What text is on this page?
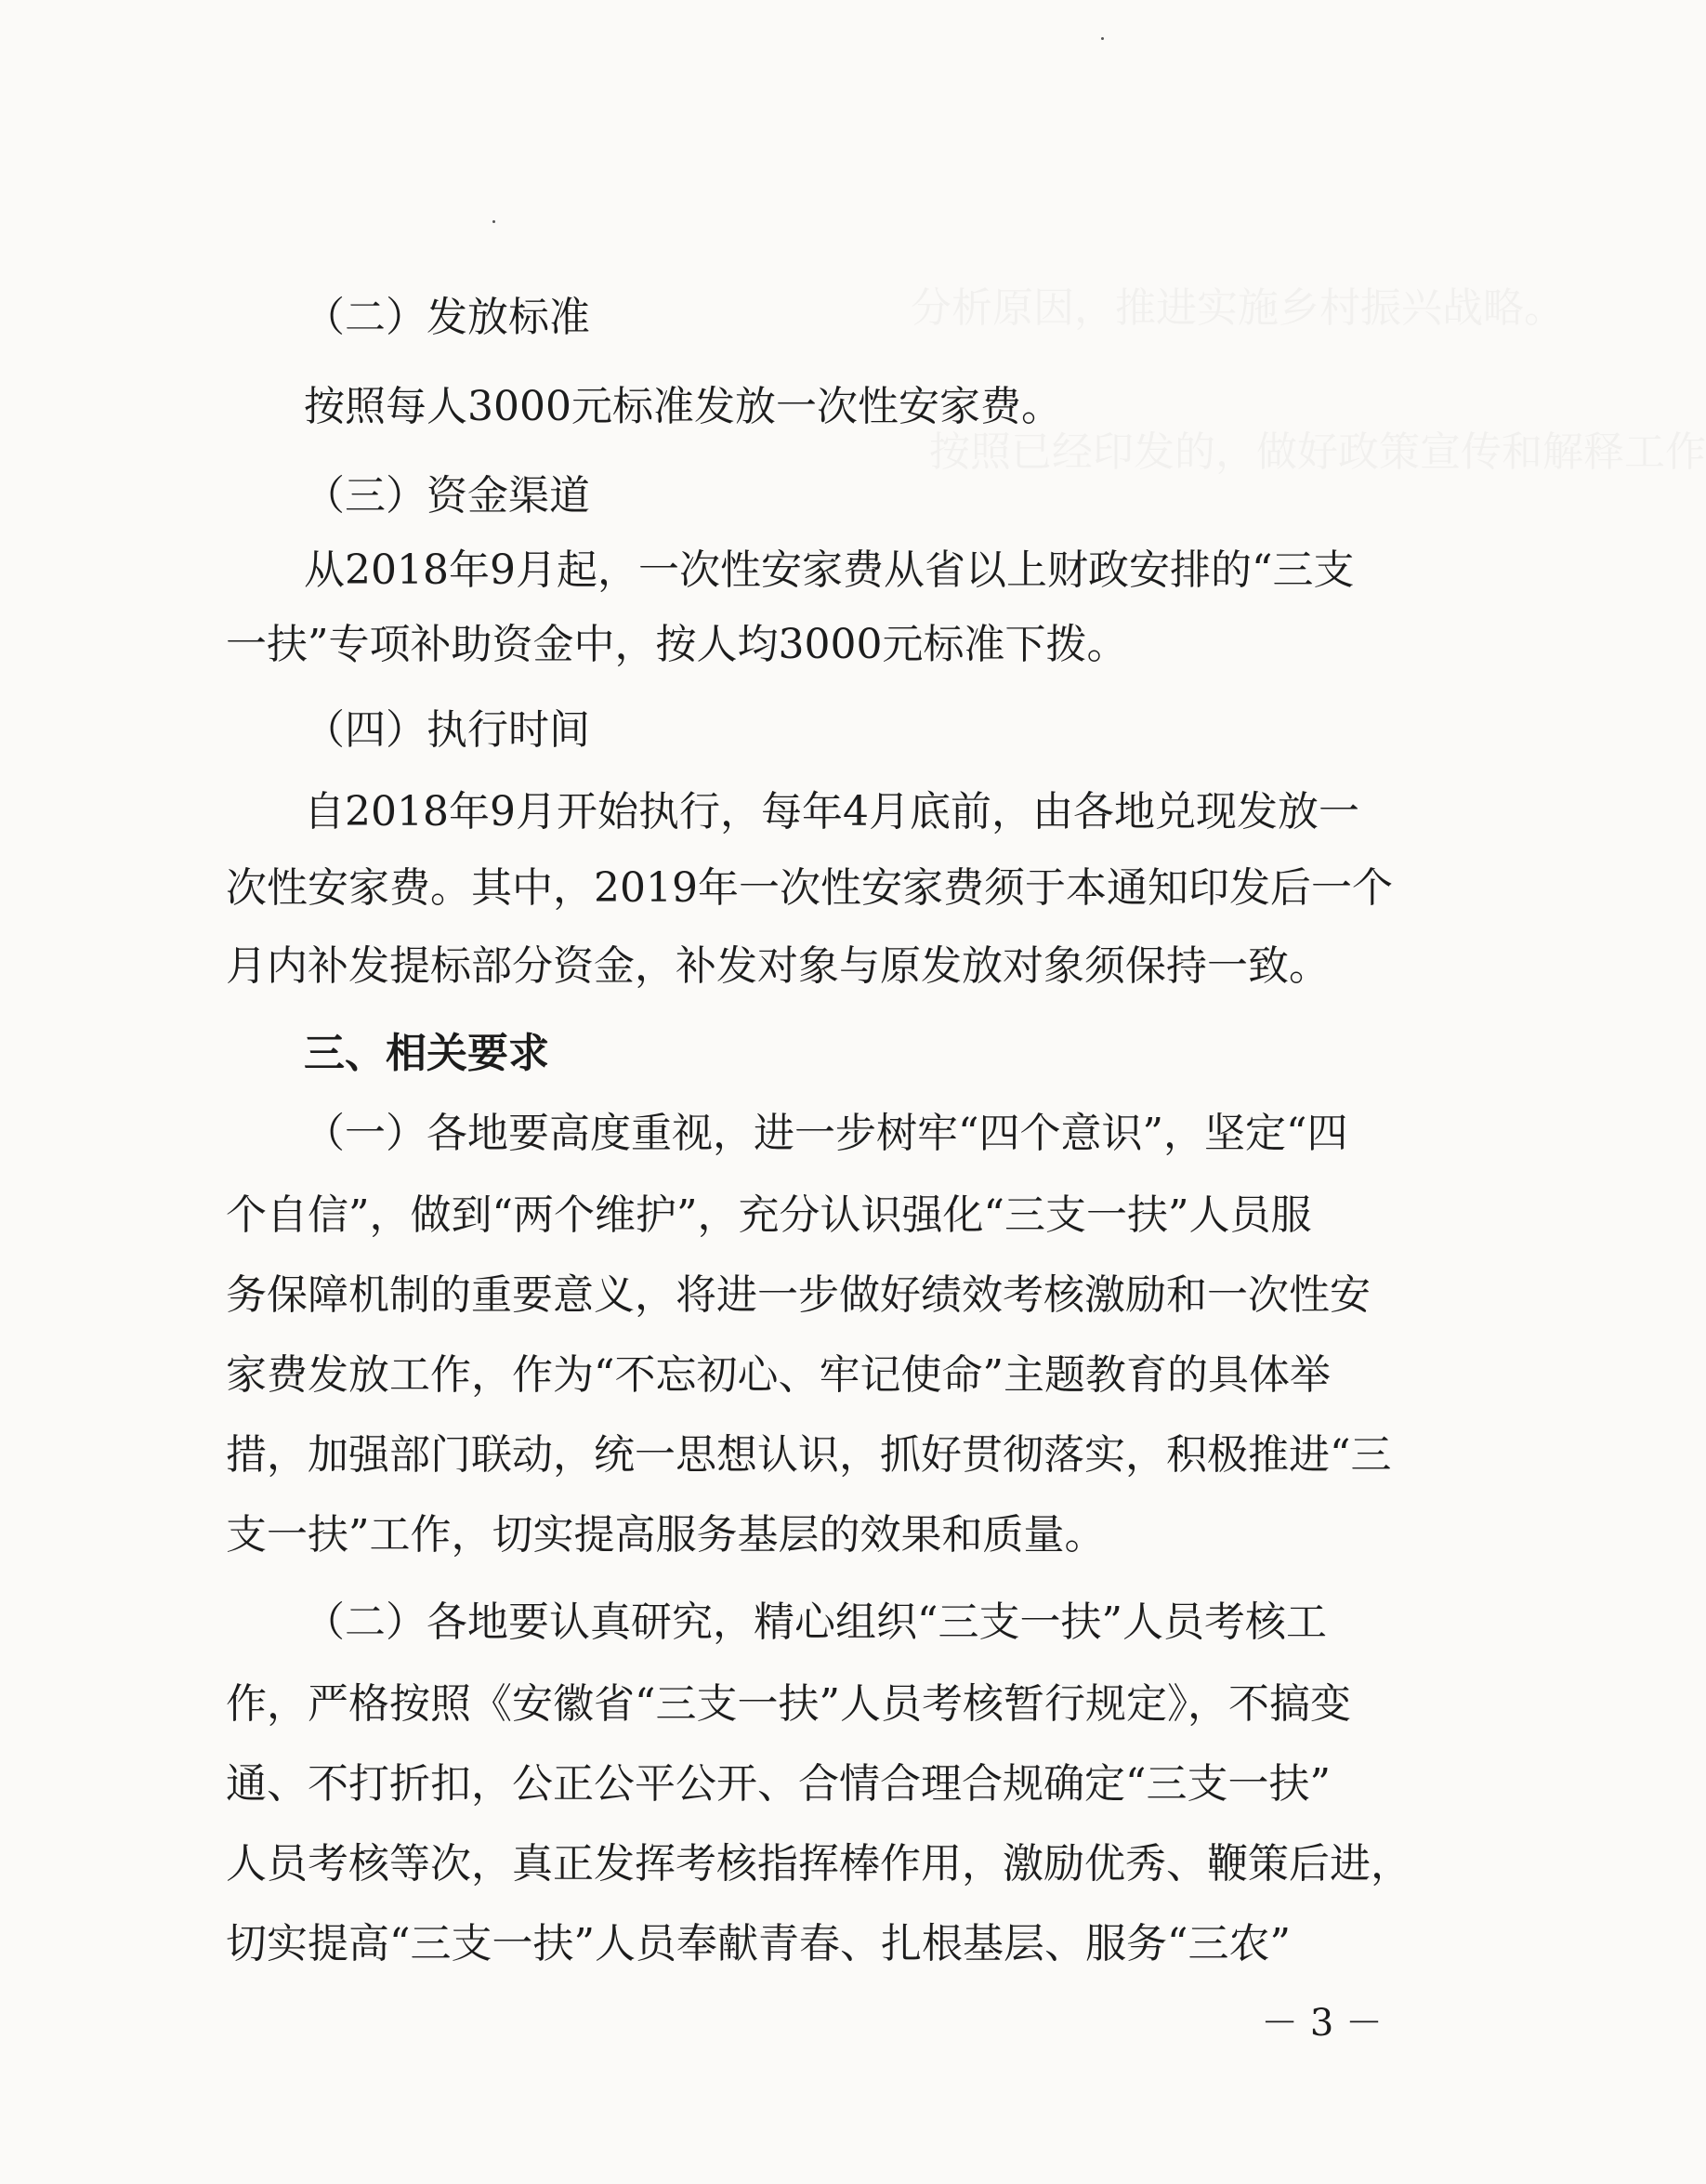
分析原因，推进实施乡村振兴战略。
按照已经印发的，做好政策宣传和解释工作
（二）发放标准
按照每人3000元标准发放一次性安家费。
（三）资金渠道
从2018年9月起，一次性安家费从省以上财政安排的“三支
一扶”专项补助资金中，按人均3000元标准下拨。
（四）执行时间
自2018年9月开始执行，每年4月底前，由各地兑现发放一
次性安家费。其中，2019年一次性安家费须于本通知印发后一个
月内补发提标部分资金，补发对象与原发放对象须保持一致。
三、相关要求
（一）各地要高度重视，进一步树牢“四个意识”，坚定“四
个自信”，做到“两个维护”，充分认识强化“三支一扶”人员服
务保障机制的重要意义，将进一步做好绩效考核激励和一次性安
家费发放工作，作为“不忘初心、牢记使命”主题教育的具体举
措，加强部门联动，统一思想认识，抓好贯彻落实，积极推进“三
支一扶”工作，切实提高服务基层的效果和质量。
（二）各地要认真研究，精心组织“三支一扶”人员考核工
作，严格按照《安徽省“三支一扶”人员考核暂行规定》，不搞变
通、不打折扣，公正公平公开、合情合理合规确定“三支一扶”
人员考核等次，真正发挥考核指挥棒作用，激励优秀、鞭策后进，
切实提高“三支一扶”人员奉献青春、扎根基层、服务“三农”
－ 3 －
